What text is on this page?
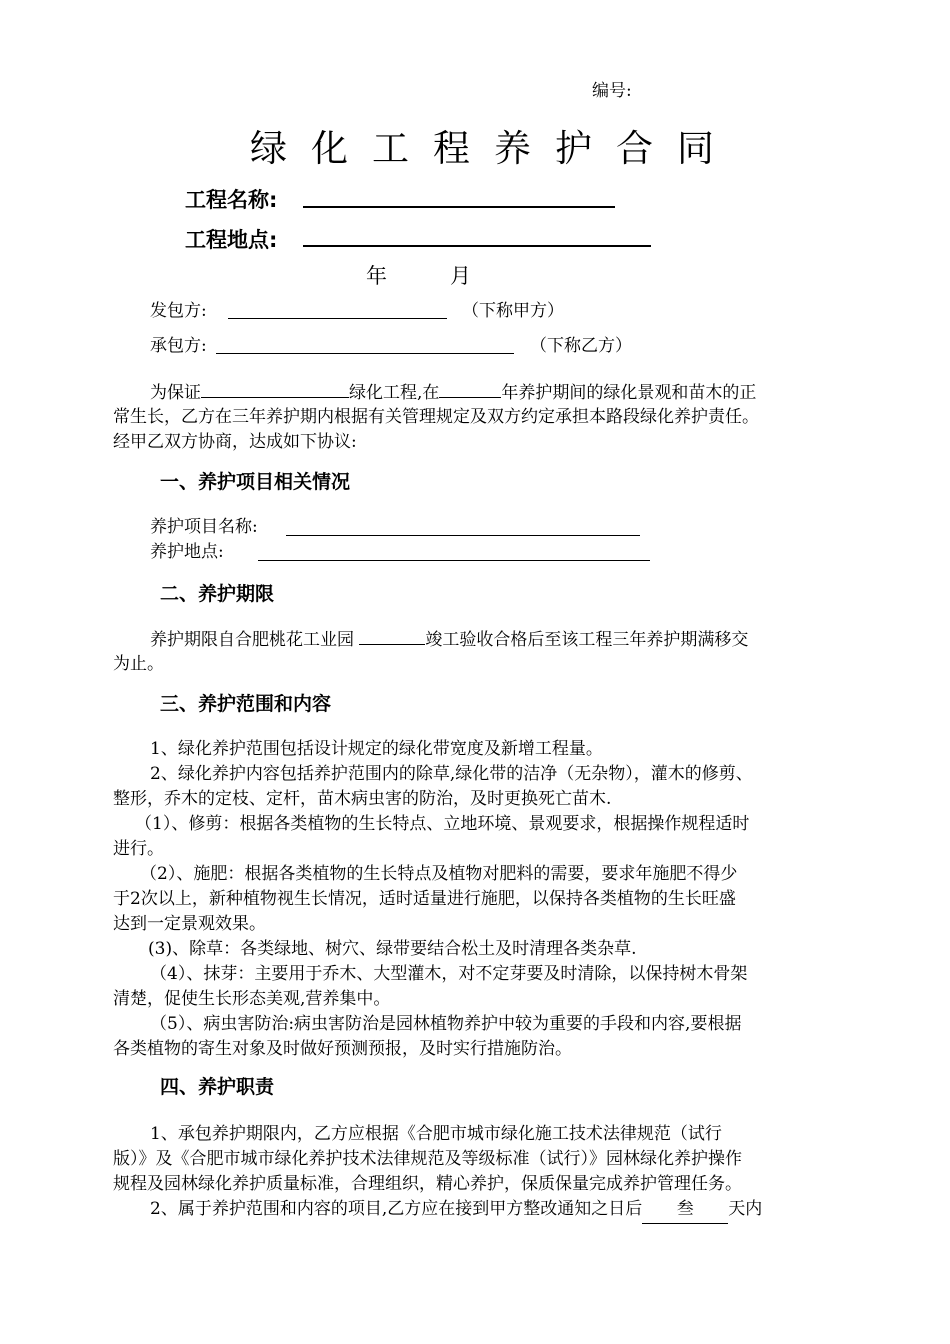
编号:
绿化工程养护合同
工程名称:
工程地点:
年	月
发包方:	（下称甲方）
承包方:	（下称乙方）
为保证	绿化工程,在	年养护期间的绿化景观和苗木的正
常生长，乙方在三年养护期内根据有关管理规定及双方约定承担本路段绿化养护责任。
经甲乙双方协商，达成如下协议:
一、养护项目相关情况
养护项目名称:
养护地点:
二、养护期限
养护期限自合肥桃花工业园	竣工验收合格后至该工程三年养护期满移交
为止。
三、养护范围和内容
1、绿化养护范围包括设计规定的绿化带宽度及新增工程量。
2、绿化养护内容包括养护范围内的除草,绿化带的洁净（无杂物），灌木的修剪、
整形，乔木的定枝、定杆，苗木病虫害的防治，及时更换死亡苗木.
（1）、修剪：根据各类植物的生长特点、立地环境、景观要求，根据操作规程适时
进行。
（2）、施肥：根据各类植物的生长特点及植物对肥料的需要，要求年施肥不得少
于2次以上，新种植物视生长情况，适时适量进行施肥，以保持各类植物的生长旺盛
达到一定景观效果。
(3)、除草：各类绿地、树穴、绿带要结合松土及时清理各类杂草.
（4）、抹芽：主要用于乔木、大型灌木，对不定芽要及时清除，以保持树木骨架
清楚，促使生长形态美观,营养集中。
（5）、病虫害防治:病虫害防治是园林植物养护中较为重要的手段和内容,要根据
各类植物的寄生对象及时做好预测预报，及时实行措施防治。
四、养护职责
1、承包养护期限内，乙方应根据《合肥市城市绿化施工技术法律规范（试行
版）》及《合肥市城市绿化养护技术法律规范及等级标准（试行）》园林绿化养护操作
规程及园林绿化养护质量标准，合理组织，精心养护，保质保量完成养护管理任务。
2、属于养护范围和内容的项目,乙方应在接到甲方整改通知之日后 叁 天内
